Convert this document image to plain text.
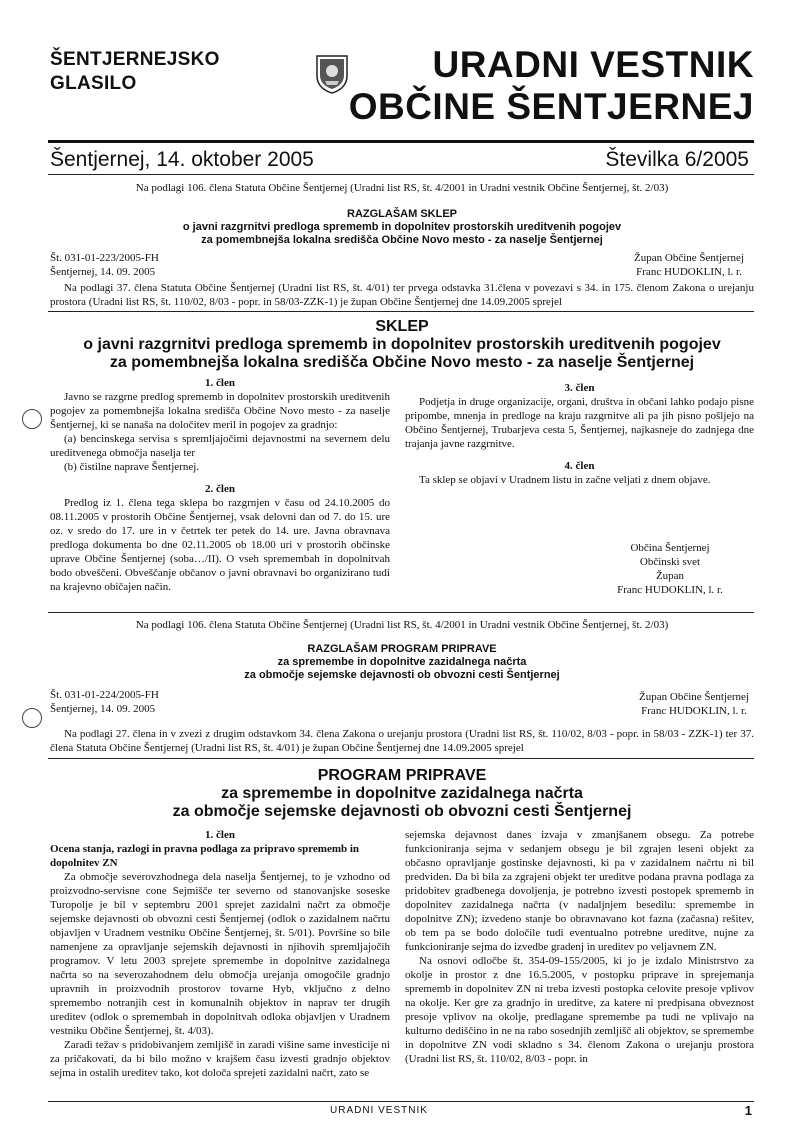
ŠENTJERNEJSKO
GLASILO	URADNI VESTNIK
OBČINE ŠENTJERNEJ
Šentjernej, 14. oktober 2005	Številka 6/2005
Na podlagi 106. člena Statuta Občine Šentjernej (Uradni list RS, št. 4/2001 in Uradni vestnik Občine Šentjernej, št. 2/03)
RAZGLAŠAM SKLEP
o javni razgrnitvi predloga sprememb in dopolnitev prostorskih ureditvenih pogojev
za pomembnejša lokalna središča Občine Novo mesto - za naselje Šentjernej
Št. 031-01-223/2005-FH
Šentjernej, 14. 09. 2005
Župan Občine Šentjernej
Franc HUDOKLIN, l. r.
Na podlagi 37. člena Statuta Občine Šentjernej (Uradni list RS, št. 4/01) ter prvega odstavka 31.člena v povezavi s 34. in 175. členom Zakona o urejanju prostora (Uradni list RS, št. 110/02, 8/03 - popr. in 58/03-ZZK-1) je župan Občine Šentjernej dne 14.09.2005 sprejel
SKLEP
o javni razgrnitvi predloga sprememb in dopolnitev prostorskih ureditvenih pogojev
za pomembnejša lokalna središča Občine Novo mesto - za naselje Šentjernej
1. člen
Javno se razgrne predlog sprememb in dopolnitev prostorskih ureditvenih pogojev za pomembnejša lokalna središča Občine Novo mesto - za naselje Šentjernej, ki se nanaša na določitev meril in pogojev za gradnjo:
(a) bencinskega servisa s spremljajočimi dejavnostmi na severnem delu ureditvenega območja naselja ter
(b) čistilne naprave Šentjernej.
2. člen
Predlog iz 1. člena tega sklepa bo razgrnjen v času od 24.10.2005 do 08.11.2005 v prostorih Občine Šentjernej, vsak delovni dan od 7. do 15. ure oz. v sredo do 17. ure in v četrtek ter petek do 14. ure. Javna obravnava predloga dokumenta bo dne 02.11.2005 ob 18.00 uri v prostorih občinske uprave Občine Šentjernej (soba…/II). O vseh spremembah in dopolnitvah bodo obveščeni. Obveščanje občanov o javni obravnavi bo organizirano tudi na krajevno običajen način.
3. člen
Podjetja in druge organizacije, organi, društva in občani lahko podajo pisne pripombe, mnenja in predloge na kraju razgrnitve ali pa jih pisno pošljejo na Občino Šentjernej, Trubarjeva cesta 5, Šentjernej, najkasneje do zadnjega dne trajanja javne razgrnitve.
4. člen
Ta sklep se objavi v Uradnem listu in začne veljati z dnem objave.
Občina Šentjernej
Občinski svet
Župan
Franc HUDOKLIN, l. r.
Na podlagi 106. člena Statuta Občine Šentjernej (Uradni list RS, št. 4/2001 in Uradni vestnik Občine Šentjernej, št. 2/03)
RAZGLAŠAM PROGRAM PRIPRAVE
za spremembe in dopolnitve zazidalnega načrta
za območje sejemske dejavnosti ob obvozni cesti Šentjernej
Št. 031-01-224/2005-FH
Šentjernej, 14. 09. 2005
Župan Občine Šentjernej
Franc HUDOKLIN, l. r.
Na podlagi 27. člena in v zvezi z drugim odstavkom 34. člena Zakona o urejanju prostora (Uradni list RS, št. 110/02, 8/03 - popr. in 58/03 - ZZK-1) ter 37. člena Statuta Občine Šentjernej (Uradni list RS, št. 4/01) je župan Občine Šentjernej dne 14.09.2005 sprejel
PROGRAM PRIPRAVE
za spremembe in dopolnitve zazidalnega načrta
za območje sejemske dejavnosti ob obvozni cesti Šentjernej
1. člen
Ocena stanja, razlogi in pravna podlaga za pripravo sprememb in dopolnitev ZN
Za območje severovzhodnega dela naselja Šentjernej, to je vzhodno od proizvodno-servisne cone Sejmišče ter severno od stanovanjske soseske Turopolje je bil v septembru 2001 sprejet zazidalni načrt za območje sejemske dejavnosti ob obvozni cesti Šentjernej (odlok o zazidalnem načrtu objavljen v Uradnem vestniku Občine Šentjernej, št. 5/01). Površine so bile namenjene za opravljanje sejemskih dejavnosti in njihovih spremljajočih programov. V letu 2003 sprejete spremembe in dopolnitve zazidalnega načrta so na severozahodnem delu območja urejanja omogočile gradnjo upravnih in proizvodnih prostorov tovarne Hyb, vključno z delno spremembo notranjih cest in komunalnih objektov in naprav ter drugih ureditev (odlok o spremembah in dopolnitvah odloka objavljen v Uradnem vestniku Občine Šentjernej, št. 4/03).
Zaradi težav s pridobivanjem zemljišč in zaradi višine same investicije ni za pričakovati, da bi bilo možno v krajšem času izvesti gradnjo objektov sejma in ostalih ureditev tako, kot določa sprejeti zazidalni načrt, zato se
sejemska dejavnost danes izvaja v zmanjšanem obsegu. Za potrebe funkcioniranja sejma v sedanjem obsegu je bil zgrajen leseni objekt za občasno opravljanje gostinske dejavnosti, ki pa v zazidalnem načrtu ni bil predviden. Da bi bila za zgrajeni objekt ter ureditve podana pravna podlaga za pridobitev gradbenega dovoljenja, je potrebno izvesti postopek sprememb in dopolnitev zazidalnega načrta (v nadaljnjem besedilu: spremembe in dopolnitve ZN); izvedeno stanje bo obravnavano kot fazna (začasna) rešitev, ob tem pa se bodo določile tudi eventualno potrebne ureditve, nujne za funkcioniranje sejma do izvedbe gradenj in ureditev po veljavnem ZN.
Na osnovi odločbe št. 354-09-155/2005, ki jo je izdalo Ministrstvo za okolje in prostor z dne 16.5.2005, v postopku priprave in sprejemanja sprememb in dopolnitev ZN ni treba izvesti postopka celovite presoje vplivov na okolje. Ker gre za gradnjo in ureditve, za katere ni predpisana obveznost presoje vplivov na okolje, predlagane spremembe pa tudi ne vplivajo na kulturno dediščino in ne na rabo sosednjih zemljišč ali objektov, se spremembe in dopolnitve ZN vodi skladno s 34. členom Zakona o urejanju prostora (Uradni list RS, št. 110/02, 8/03 - popr. in
URADNI VESTNIK	1
